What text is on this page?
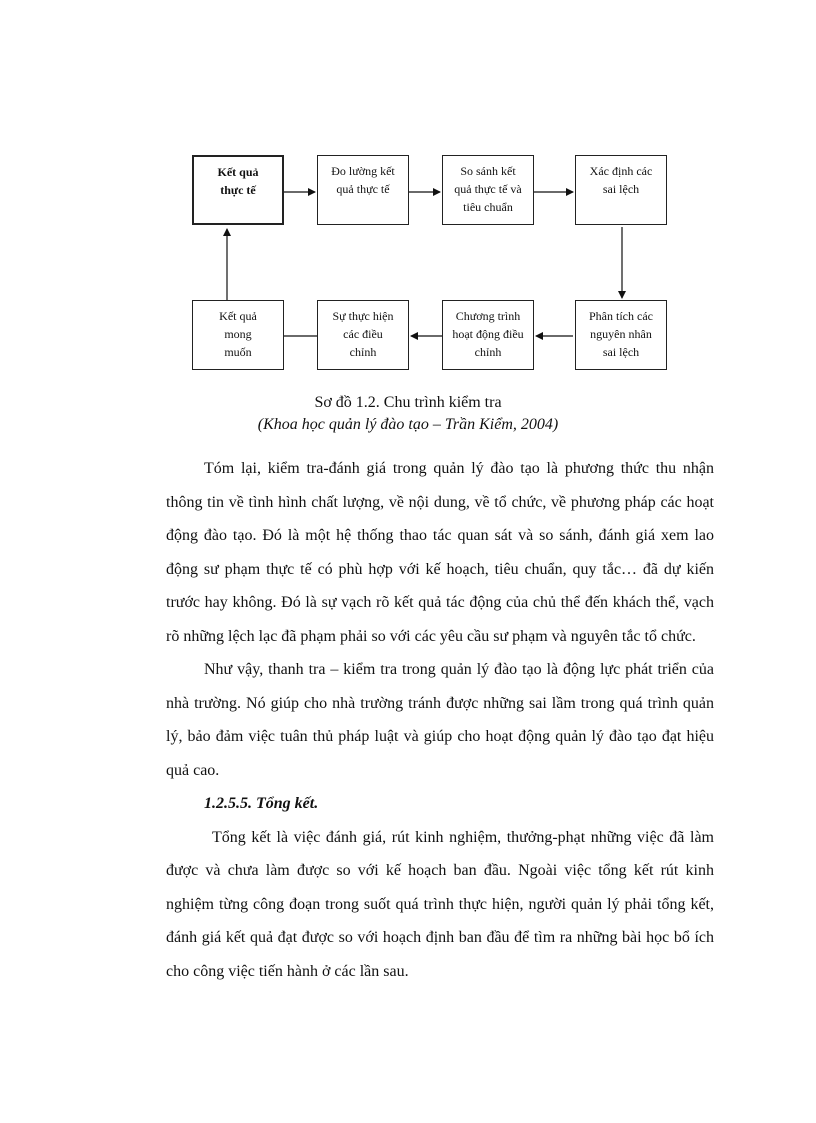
Kết quả
thực tế
Đo lường kết
quả thực tế
So sánh kết
quả thực tế và
tiêu chuẩn
Xác định các
sai lệch
Phân tích các
nguyên nhân
sai lệch
Chương trình
hoạt động điều
chỉnh
Sự thực hiện
các điều
chỉnh
Kết quả
mong
muốn
Sơ đồ 1.2. Chu trình kiểm tra
(Khoa học quản lý đào tạo – Trần Kiểm, 2004)

Tóm lại, kiểm tra-đánh giá trong quản lý đào tạo là phương thức thu nhận thông tin về tình hình chất lượng, về nội dung, về tổ chức, về phương pháp các hoạt động đào tạo. Đó là một hệ thống thao tác quan sát và so sánh, đánh giá xem lao động sư phạm thực tế có phù hợp với kế hoạch, tiêu chuẩn, quy tắc… đã dự kiến trước hay không. Đó là sự vạch rõ kết quả tác động của chủ thể đến khách thể, vạch rõ những lệch lạc đã phạm phải so với các yêu cầu sư phạm và nguyên tắc tổ chức.

Như vậy, thanh tra – kiểm tra trong quản lý đào tạo là động lực phát triển của nhà trường. Nó giúp cho nhà trường tránh được những sai lầm trong quá trình quản lý, bảo đảm việc tuân thủ pháp luật và giúp cho hoạt động quản lý đào tạo đạt hiệu quả cao.

1.2.5.5. Tổng kết.

Tổng kết là việc đánh giá, rút kinh nghiệm, thưởng-phạt những việc đã làm được và chưa làm được so với kế hoạch ban đầu. Ngoài việc tổng kết rút kinh nghiệm từng công đoạn trong suốt quá trình thực hiện, người quản lý phải tổng kết, đánh giá kết quả đạt được so với hoạch định ban đầu để tìm ra những bài học bổ ích cho công việc tiến hành ở các lần sau.
